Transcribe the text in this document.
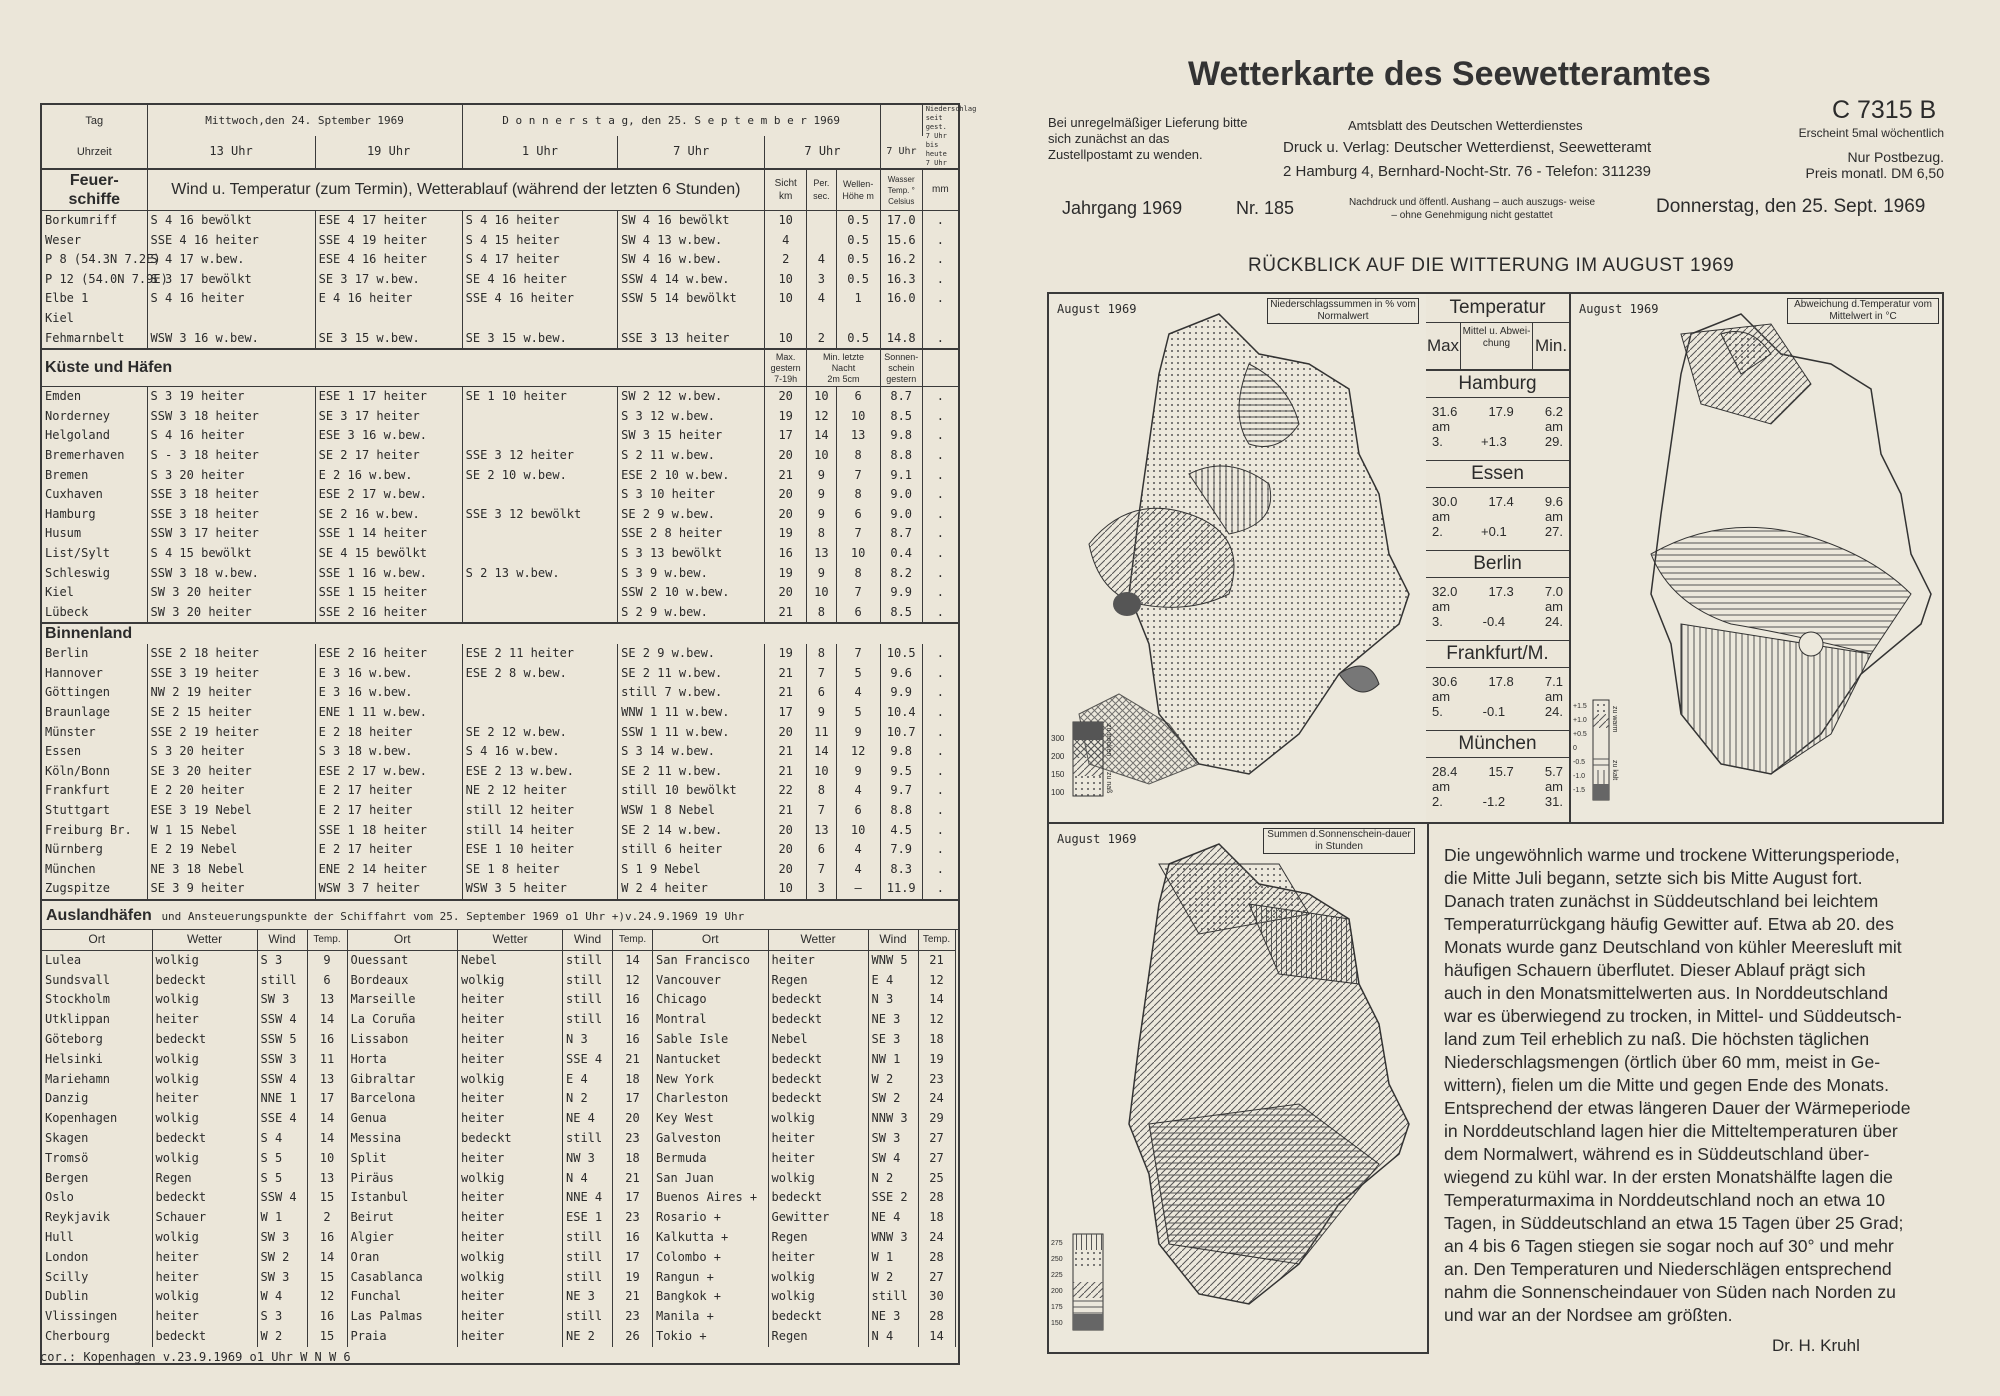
Tag	Mittwoch,den 24. Sptember 1969		D o n n e r s t a g, den 25. S e p t e m b e r 1969						Niederschlag seit gest. 7 Uhr bis heute 7 Uhr
Uhrzeit	13 Uhr	19 Uhr	1 Uhr	7 Uhr	7 Uhr			7 Uhr	
Feuer-schiffe	Wind u. Temperatur (zum Termin), Wetterablauf (während der letzten 6 Stunden)				Sicht km	Per. sec.	Wellen-Höhe m	Wasser Temp. ° Celsius	mm
Borkumriff	S 4 16 bewölkt	ESE 4 17 heiter	S 4 16 heiter	SW 4 16 bewölkt	10		0.5	17.0	.
Weser	SSE 4 16 heiter	SSE 4 19 heiter	S 4 15 heiter	SW 4 13 w.bew.	4		0.5	15.6	.
P 8 (54.3N 7.2E)	S 4 17 w.bew.	ESE 4 16 heiter	S 4 17 heiter	SW 4 16 w.bew.	2	4	0.5	16.2	.
P 12 (54.0N 7.9E)	S 3 17 bewölkt	SE 3 17 w.bew.	SE 4 16 heiter	SSW 4 14 w.bew.	10	3	0.5	16.3	.
Elbe 1	S 4 16 heiter	E 4 16 heiter	SSE 4 16 heiter	SSW 5 14 bewölkt	10	4	1	16.0	.
Kiel									
Fehmarnbelt	WSW 3 16 w.bew.	SE 3 15 w.bew.	SE 3 15 w.bew.	SSE 3 13 heiter	10	2	0.5	14.8	.
Küste und Häfen	Max. gestern 7-19h	Min. letzte Nacht
2m 5cm	Sonnen-schein gestern	
Emden	S 3 19 heiter	ESE 1 17 heiter	SE 1 10 heiter	SW 2 12 w.bew.	20	10	6	8.7	.
Norderney	SSW 3 18 heiter	SE 3 17 heiter		S 3 12 w.bew.	19	12	10	8.5	.
Helgoland	S 4 16 heiter	ESE 3 16 w.bew.		SW 3 15 heiter	17	14	13	9.8	.
Bremerhaven	S - 3 18 heiter	SE 2 17 heiter	SSE 3 12 heiter	S 2 11 w.bew.	20	10	8	8.8	.
Bremen	S 3 20 heiter	E 2 16 w.bew.	SE 2 10 w.bew.	ESE 2 10 w.bew.	21	9	7	9.1	.
Cuxhaven	SSE 3 18 heiter	ESE 2 17 w.bew.		S 3 10 heiter	20	9	8	9.0	.
Hamburg	SSE 3 18 heiter	SE 2 16 w.bew.	SSE 3 12 bewölkt	SE 2 9 w.bew.	20	9	6	9.0	.
Husum	SSW 3 17 heiter	SSE 1 14 heiter		SSE 2 8 heiter	19	8	7	8.7	.
List/Sylt	S 4 15 bewölkt	SE 4 15 bewölkt		S 3 13 bewölkt	16	13	10	0.4	.
Schleswig	SSW 3 18 w.bew.	SSE 1 16 w.bew.	S 2 13 w.bew.	S 3 9 w.bew.	19	9	8	8.2	.
Kiel	SW 3 20 heiter	SSE 1 15 heiter		SSW 2 10 w.bew.	20	10	7	9.9	.
Lübeck	SW 3 20 heiter	SSE 2 16 heiter		S 2 9 w.bew.	21	8	6	8.5	.
Binnenland
Berlin	SSE 2 18 heiter	ESE 2 16 heiter	ESE 2 11 heiter	SE 2 9 w.bew.	19	8	7	10.5	.
Hannover	SSE 3 19 heiter	E 3 16 w.bew.	ESE 2 8 w.bew.	SE 2 11 w.bew.	21	7	5	9.6	.
Göttingen	NW 2 19 heiter	E 3 16 w.bew.		still 7 w.bew.	21	6	4	9.9	.
Braunlage	SE 2 15 heiter	ENE 1 11 w.bew.		WNW 1 11 w.bew.	17	9	5	10.4	.
Münster	SSE 2 19 heiter	E 2 18 heiter	SE 2 12 w.bew.	SSW 1 11 w.bew.	20	11	9	10.7	.
Essen	S 3 20 heiter	S 3 18 w.bew.	S 4 16 w.bew.	S 3 14 w.bew.	21	14	12	9.8	.
Köln/Bonn	SE 3 20 heiter	ESE 2 17 w.bew.	ESE 2 13 w.bew.	SE 2 11 w.bew.	21	10	9	9.5	.
Frankfurt	E 2 20 heiter	E 2 17 heiter	NE 2 12 heiter	still 10 bewölkt	22	8	4	9.7	.
Stuttgart	ESE 3 19 Nebel	E 2 17 heiter	still 12 heiter	WSW 1 8 Nebel	21	7	6	8.8	.
Freiburg Br.	W 1 15 Nebel	SSE 1 18 heiter	still 14 heiter	SE 2 14 w.bew.	20	13	10	4.5	.
Nürnberg	E 2 19 Nebel	E 2 17 heiter	ESE 1 10 heiter	still 6 heiter	20	6	4	7.9	.
München	NE 3 18 Nebel	ENE 2 14 heiter	SE 1 8 heiter	S 1 9 Nebel	20	7	4	8.3	.
Zugspitze	SE 3 9 heiter	WSW 3 7 heiter	WSW 3 5 heiter	W 2 4 heiter	10	3	–	11.9	.
Auslandhäfen und Ansteuerungspunkte der Schiffahrt vom 25. September 1969 o1 Uhr +)v.24.9.1969 19 Uhr
Ort	Wetter	Wind	Temp.
Lulea	wolkig	S 3	9
Sundsvall	bedeckt	still	6
Stockholm	wolkig	SW 3	13
Utklippan	heiter	SSW 4	14
Göteborg	bedeckt	SSW 5	16
Helsinki	wolkig	SSW 3	11
Mariehamn	wolkig	SSW 4	13
Danzig	heiter	NNE 1	17
Kopenhagen	wolkig	SSE 4	14
Skagen	bedeckt	S 4	14
Tromsö	wolkig	S 5	10
Bergen	Regen	S 5	13
Oslo	bedeckt	SSW 4	15
Reykjavik	Schauer	W 1	2
Hull	wolkig	SW 3	16
London	heiter	SW 2	14
Scilly	heiter	SW 3	15
Dublin	wolkig	W 4	12
Vlissingen	heiter	S 3	16
Cherbourg	bedeckt	W 2	15
Ort	Wetter	Wind	Temp.
Ouessant	Nebel	still	14
Bordeaux	wolkig	still	12
Marseille	heiter	still	16
La Coruña	heiter	still	16
Lissabon	heiter	N 3	16
Horta	heiter	SSE 4	21
Gibraltar	wolkig	E 4	18
Barcelona	heiter	N 2	17
Genua	heiter	NE 4	20
Messina	bedeckt	still	23
Split	heiter	NW 3	18
Piräus	wolkig	N 4	21
Istanbul	heiter	NNE 4	17
Beirut	heiter	ESE 1	23
Algier	heiter	still	16
Oran	wolkig	still	17
Casablanca	wolkig	still	19
Funchal	heiter	NE 3	21
Las Palmas	heiter	still	23
Praia	heiter	NE 2	26
Ort	Wetter	Wind	Temp.
San Francisco	heiter	WNW 5	21
Vancouver	Regen	E 4	12
Chicago	bedeckt	N 3	14
Montral	bedeckt	NE 3	12
Sable Isle	Nebel	SE 3	18
Nantucket	bedeckt	NW 1	19
New York	bedeckt	W 2	23
Charleston	bedeckt	SW 2	24
Key West	wolkig	NNW 3	29
Galveston	heiter	SW 3	27
Bermuda	heiter	SW 4	27
San Juan	wolkig	N 2	25
Buenos Aires +	bedeckt	SSE 2	28
Rosario +	Gewitter	NE 4	18
Kalkutta +	Regen	WNW 3	24
Colombo +	heiter	W 1	28
Rangun +	wolkig	W 2	27
Bangkok +	wolkig	still	30
Manila +	bedeckt	NE 3	28
Tokio +	Regen	N 4	14
cor.: Kopenhagen v.23.9.1969 o1 Uhr W N W 6
Wetterkarte des Seewetteramtes
C 7315 B
Bei unregelmäßiger Lieferung bitte sich zunächst an das Zustellpostamt zu wenden.
Amtsblatt des Deutschen Wetterdienstes
Druck u. Verlag: Deutscher Wetterdienst, Seewetteramt
2 Hamburg 4, Bernhard-Nocht-Str. 76 - Telefon: 311239
Erscheint 5mal wöchentlich
Nur Postbezug.
Preis monatl. DM 6,50
Jahrgang 1969	Nr. 185	Nachdruck und öffentl. Aushang – auch auszugs- weise – ohne Genehmigung nicht gestattet	Donnerstag, den 25. Sept. 1969
RÜCKBLICK AUF DIE WITTERUNG IM AUGUST 1969
August 1969	Niederschlagssummen in % vom Normalwert
300
200
150
100
zu trocken
zu naß
Temperatur
Max
Mittel u. Abwei-chung	Min.
Hamburg
31.6 17.9 6.2
am	am
3.	+1.3	29.
Essen
30.0 17.4 9.6
am	am
2.	+0.1	27.
Berlin
32.0 17.3 7.0
am	am
3.	-0.4	24.
Frankfurt/M.
30.6 17.8 7.1
am	am
5.	-0.1	24.
München
28.4 15.7 5.7
am	am
2.	-1.2	31.
August 1969	Abweichung d.Temperatur vom Mittelwert in °C
+1.5
+1.0
+0.5
0
-0.5
-1.0
-1.5
zu warm
zu kalt
August 1969	Summen d.Sonnenschein-dauer in Stunden
275
250
225
200
175
150
Die ungewöhnlich warme und trockene Witterungsperiode,
die Mitte Juli begann, setzte sich bis Mitte August fort.
Danach traten zunächst in Süddeutschland bei leichtem
Temperaturrückgang häufig Gewitter auf. Etwa ab 20. des
Monats wurde ganz Deutschland von kühler Meeresluft mit
häufigen Schauern überflutet. Dieser Ablauf prägt sich
auch in den Monatsmittelwerten aus. In Norddeutschland
war es überwiegend zu trocken, in Mittel- und Süddeutsch-
land zum Teil erheblich zu naß. Die höchsten täglichen
Niederschlagsmengen (örtlich über 60 mm, meist in Ge-
wittern), fielen um die Mitte und gegen Ende des Monats.
Entsprechend der etwas längeren Dauer der Wärmeperiode
in Norddeutschland lagen hier die Mitteltemperaturen über
dem Normalwert, während es in Süddeutschland über-
wiegend zu kühl war. In der ersten Monatshälfte lagen die
Temperaturmaxima in Norddeutschland noch an etwa 10
Tagen, in Süddeutschland an etwa 15 Tagen über 25 Grad;
an 4 bis 6 Tagen stiegen sie sogar noch auf 30° und mehr
an. Den Temperaturen und Niederschlägen entsprechend
nahm die Sonnenscheindauer von Süden nach Norden zu
und war an der Nordsee am größten.
Dr. H. Kruhl
